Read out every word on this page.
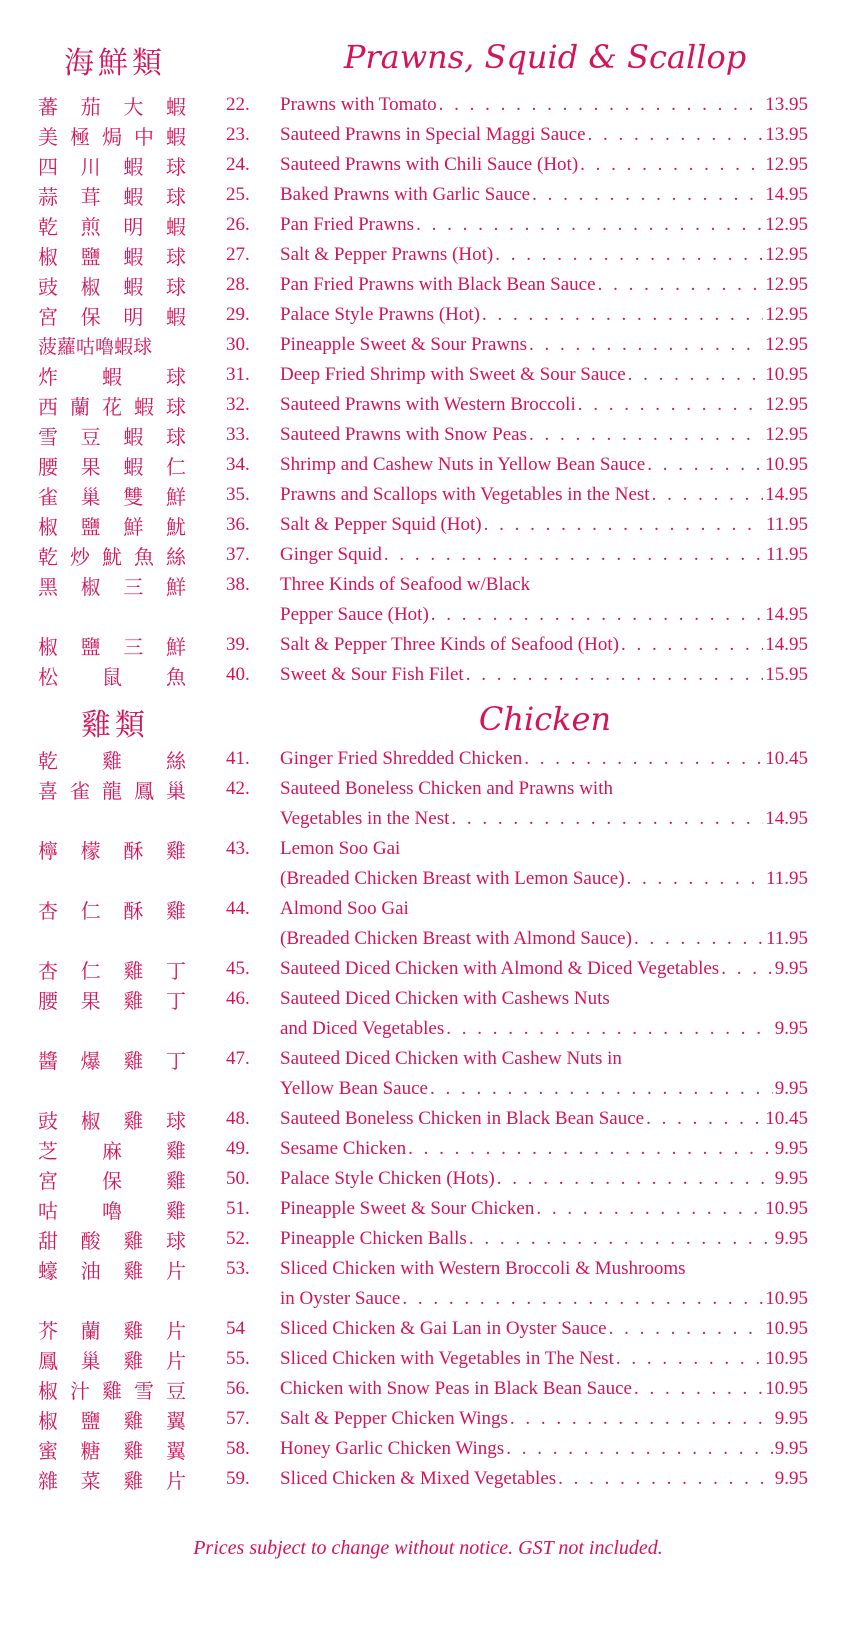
海鮮類	Prawns, Squid & Scallop
蕃 茄 大 蝦 22.	Prawns with Tomato . . .	13.95
美 極 焗 中 蝦 23.	Sauteed Prawns in Special Maggi Sauce . . .	13.95
四 川 蝦 球 24.	Sauteed Prawns with Chili Sauce (Hot) . . .	12.95
蒜 茸 蝦 球 25.	Baked Prawns with Garlic Sauce . . .	14.95
乾 煎 明 蝦 26.	Pan Fried Prawns . . .	12.95
椒 鹽 蝦 球 27.	Salt & Pepper Prawns (Hot) . . .	12.95
豉 椒 蝦 球 28.	Pan Fried Prawns with Black Bean Sauce . . .	12.95
宮 保 明 蝦 29.	Palace Style Prawns (Hot) . . .	12.95
菠 蘿 咕 嚕 蝦 球	30.	Pineapple Sweet & Sour Prawns . . .	12.95
炸 蝦 球 31.	Deep Fried Shrimp with Sweet & Sour Sauce . . .	10.95
西 蘭 花 蝦 球 32.	Sauteed Prawns with Western Broccoli . . .	12.95
雪 豆 蝦 球 33.	Sauteed Prawns with Snow Peas . . .	12.95
腰 果 蝦 仁 34.	Shrimp and Cashew Nuts in Yellow Bean Sauce . . .	10.95
雀 巢 雙 鮮 35.	Prawns and Scallops with Vegetables in the Nest . . .	14.95
椒 鹽 鮮 魷 36.	Salt & Pepper Squid (Hot) . . .	11.95
乾 炒 魷 魚 絲 37.	Ginger Squid . . .	11.95
黑 椒 三 鮮 38.	Three Kinds of Seafood w/Black
Pepper Sauce (Hot) . . .	14.95
椒 鹽 三 鮮 39.	Salt & Pepper Three Kinds of Seafood (Hot) . . .	14.95
松 鼠 魚 40.	Sweet & Sour Fish Filet . . .	15.95
雞類	Chicken
乾 雞 絲 41.	Ginger Fried Shredded Chicken . . .	10.45
喜 雀 龍 鳳 巢 42.	Sauteed Boneless Chicken and Prawns with
Vegetables in the Nest . . .	14.95
檸 檬 酥 雞 43.	Lemon Soo Gai
(Breaded Chicken Breast with Lemon Sauce) . . .	11.95
杏 仁 酥 雞 44.	Almond Soo Gai
(Breaded Chicken Breast with Almond Sauce) . . .	11.95
杏 仁 雞 丁 45.	Sauteed Diced Chicken with Almond & Diced Vegetables . . .	9.95
腰 果 雞 丁 46.	Sauteed Diced Chicken with Cashews Nuts
and Diced Vegetables . . .	9.95
醬 爆 雞 丁 47.	Sauteed Diced Chicken with Cashew Nuts in
Yellow Bean Sauce . . .	9.95
豉 椒 雞 球 48.	Sauteed Boneless Chicken in Black Bean Sauce . . .	10.45
芝 麻 雞 49.	Sesame Chicken . . .	9.95
宮 保 雞 50.	Palace Style Chicken (Hots) . . .	9.95
咕 嚕 雞 51.	Pineapple Sweet & Sour Chicken . . .	10.95
甜 酸 雞 球 52.	Pineapple Chicken Balls . . .	9.95
蠔 油 雞 片 53.	Sliced Chicken with Western Broccoli & Mushrooms
in Oyster Sauce . . .	10.95
芥 蘭 雞 片 54	Sliced Chicken & Gai Lan in Oyster Sauce . . .	10.95
鳳 巢 雞 片 55.	Sliced Chicken with Vegetables in The Nest . . .	10.95
椒 汁 雞 雪 豆 56.	Chicken with Snow Peas in Black Bean Sauce . . .	10.95
椒 鹽 雞 翼 57.	Salt & Pepper Chicken Wings . . .	9.95
蜜 糖 雞 翼 58.	Honey Garlic Chicken Wings . . .	9.95
雜 菜 雞 片 59.	Sliced Chicken & Mixed Vegetables . . .	9.95
Prices subject to change without notice. GST not included.
